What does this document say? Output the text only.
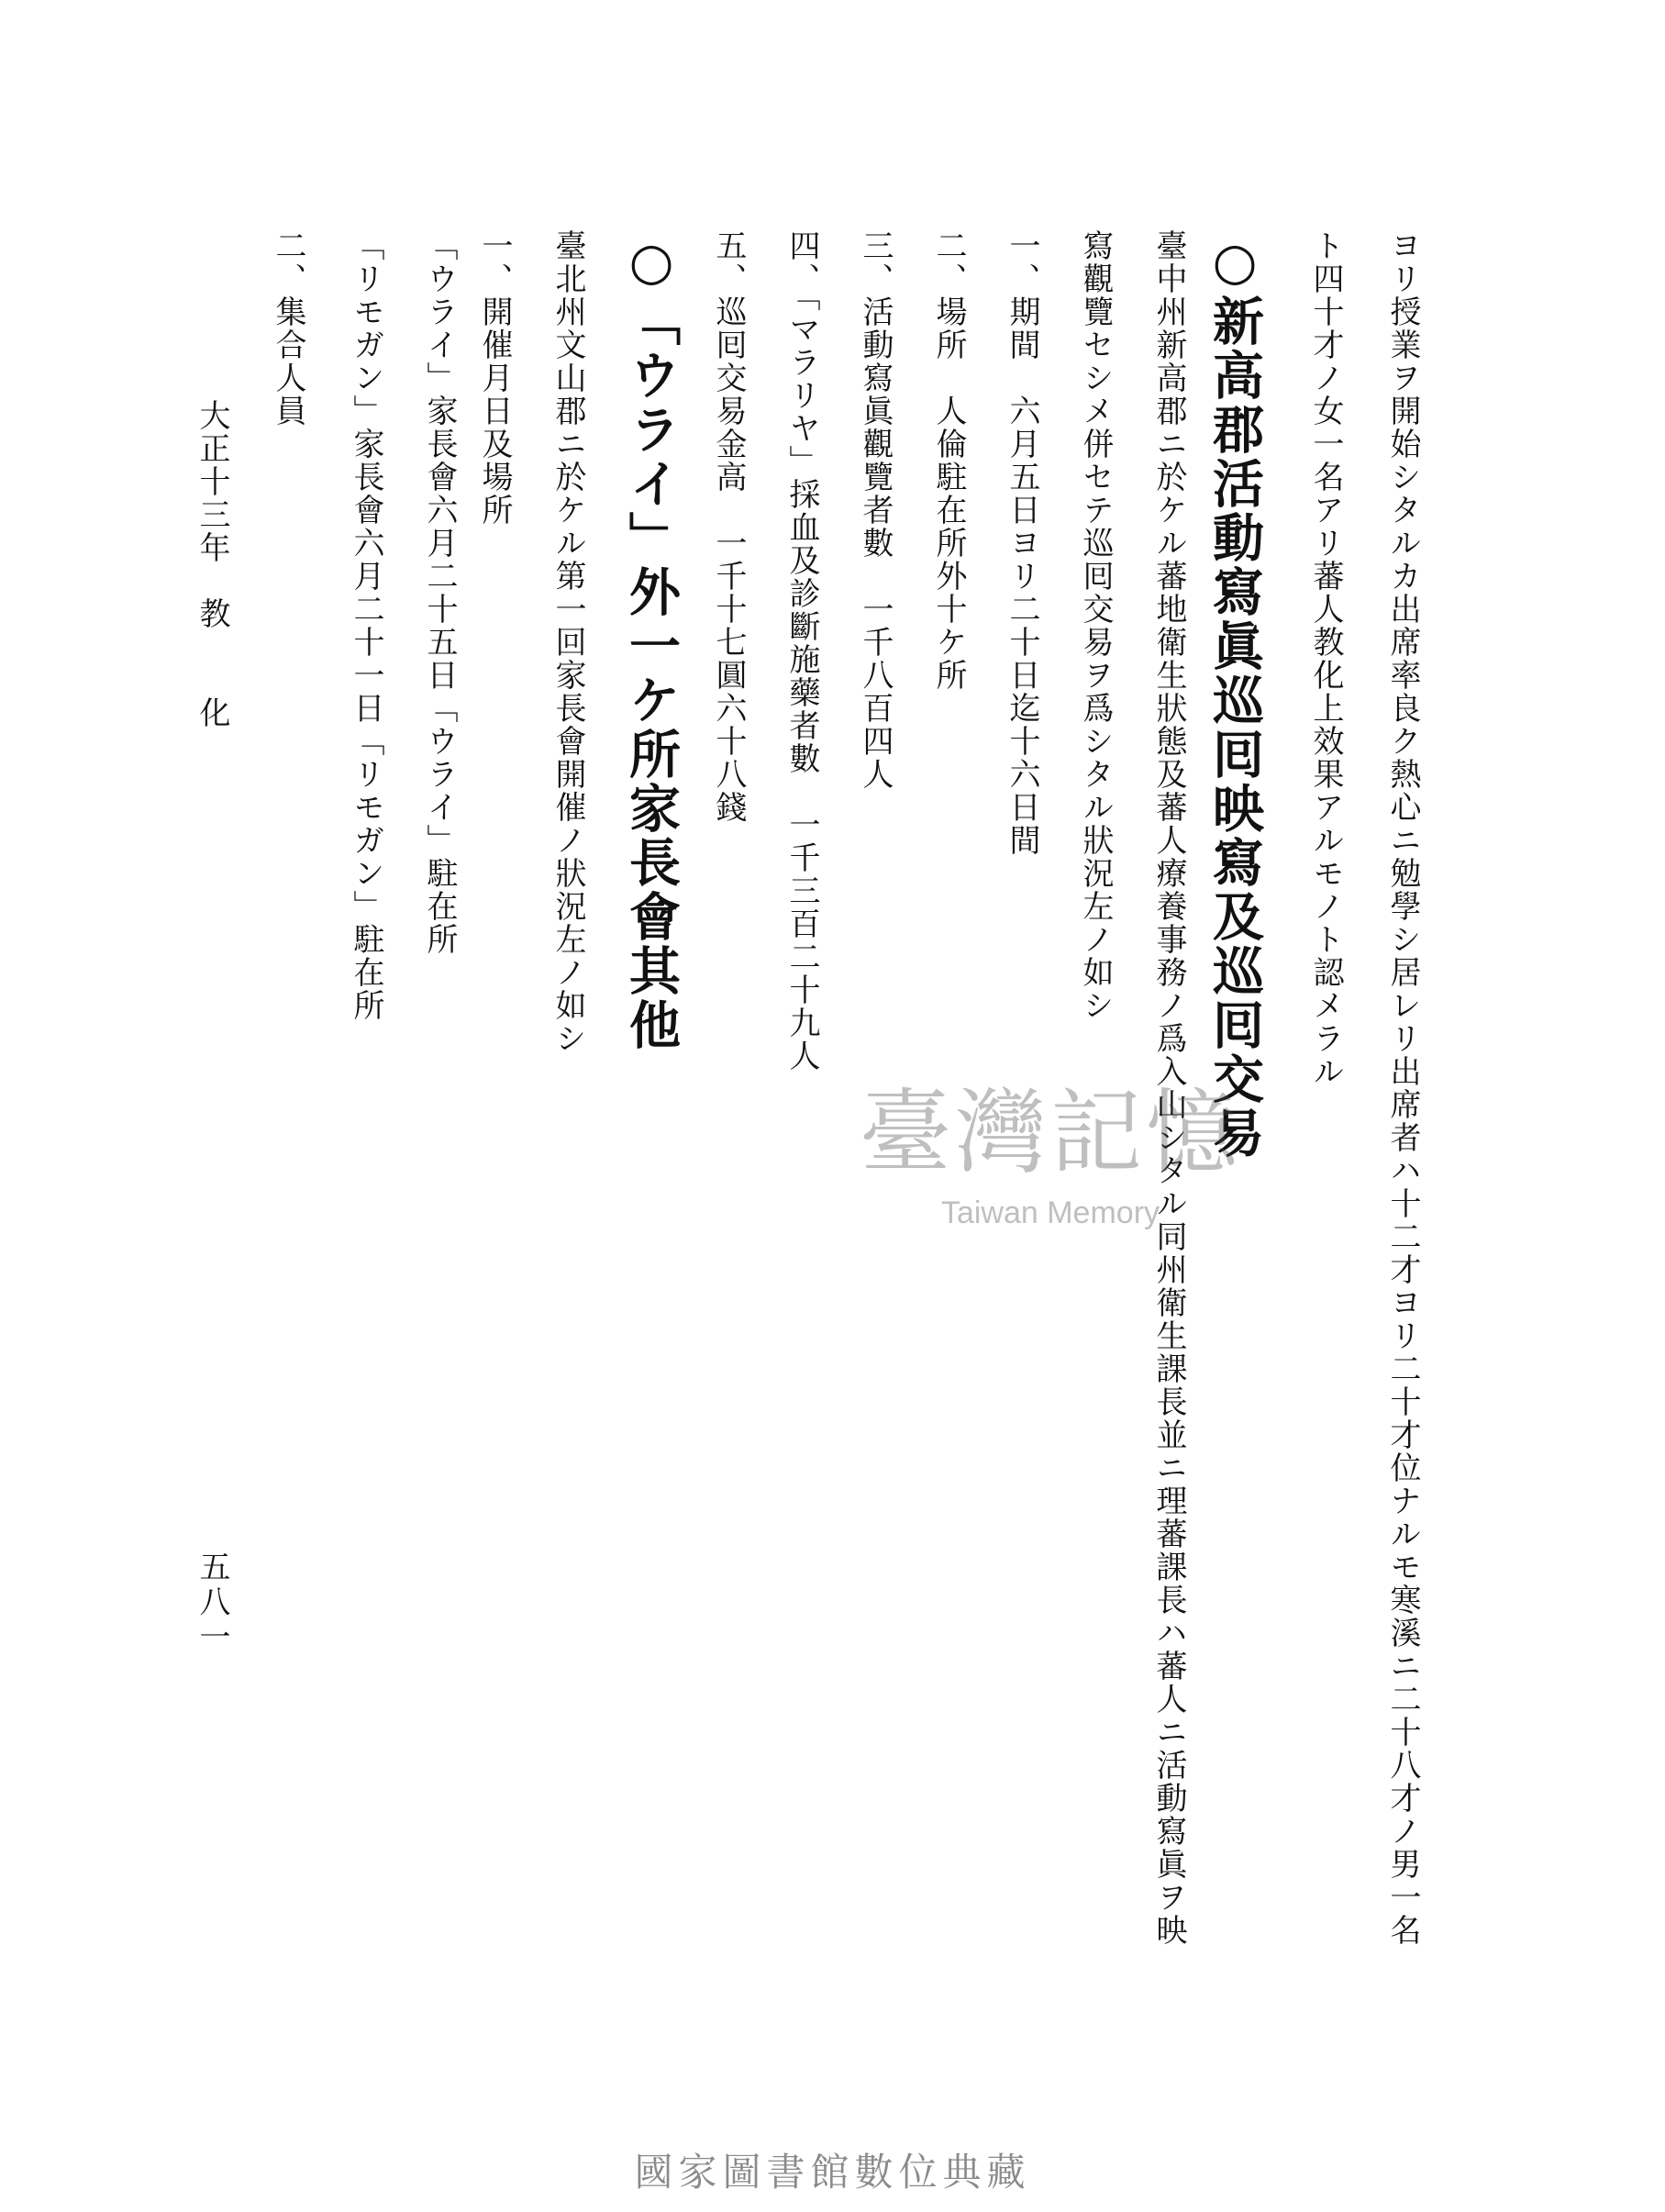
ヨリ授業ヲ開始シタルカ出席率良ク熱心ニ勉學シ居レリ出席者ハ十二才ヨリ二十才位ナルモ寒溪ニ二十八才ノ男一名
ト四十才ノ女一名アリ蕃人教化上效果アルモノト認メラル
○新高郡活動寫眞巡囘映寫及巡囘交易
臺中州新高郡ニ於ケル蕃地衛生狀態及蕃人療養事務ノ爲入山シタル同州衛生課長並ニ理蕃課長ハ蕃人ニ活動寫眞ヲ映
寫觀覽セシメ併セテ巡囘交易ヲ爲シタル狀況左ノ如シ
一、期間　六月五日ヨリ二十日迄十六日間
二、場所　人倫駐在所外十ケ所
三、活動寫眞觀覽者數　一千八百四人
四、「マラリヤ」採血及診斷施藥者數　一千三百二十九人
五、巡囘交易金高　一千十七圓六十八錢
○「ウライ」外一ケ所家長會其他
臺北州文山郡ニ於ケル第一回家長會開催ノ狀況左ノ如シ
一、開催月日及場所
「ウライ」家長會六月二十五日「ウライ」駐在所
「リモガン」家長會六月二十一日「リモガン」駐在所
二、集合人員
大正十三年　教　　化
五八一
臺灣記憶
Taiwan Memory
國家圖書館數位典藏
